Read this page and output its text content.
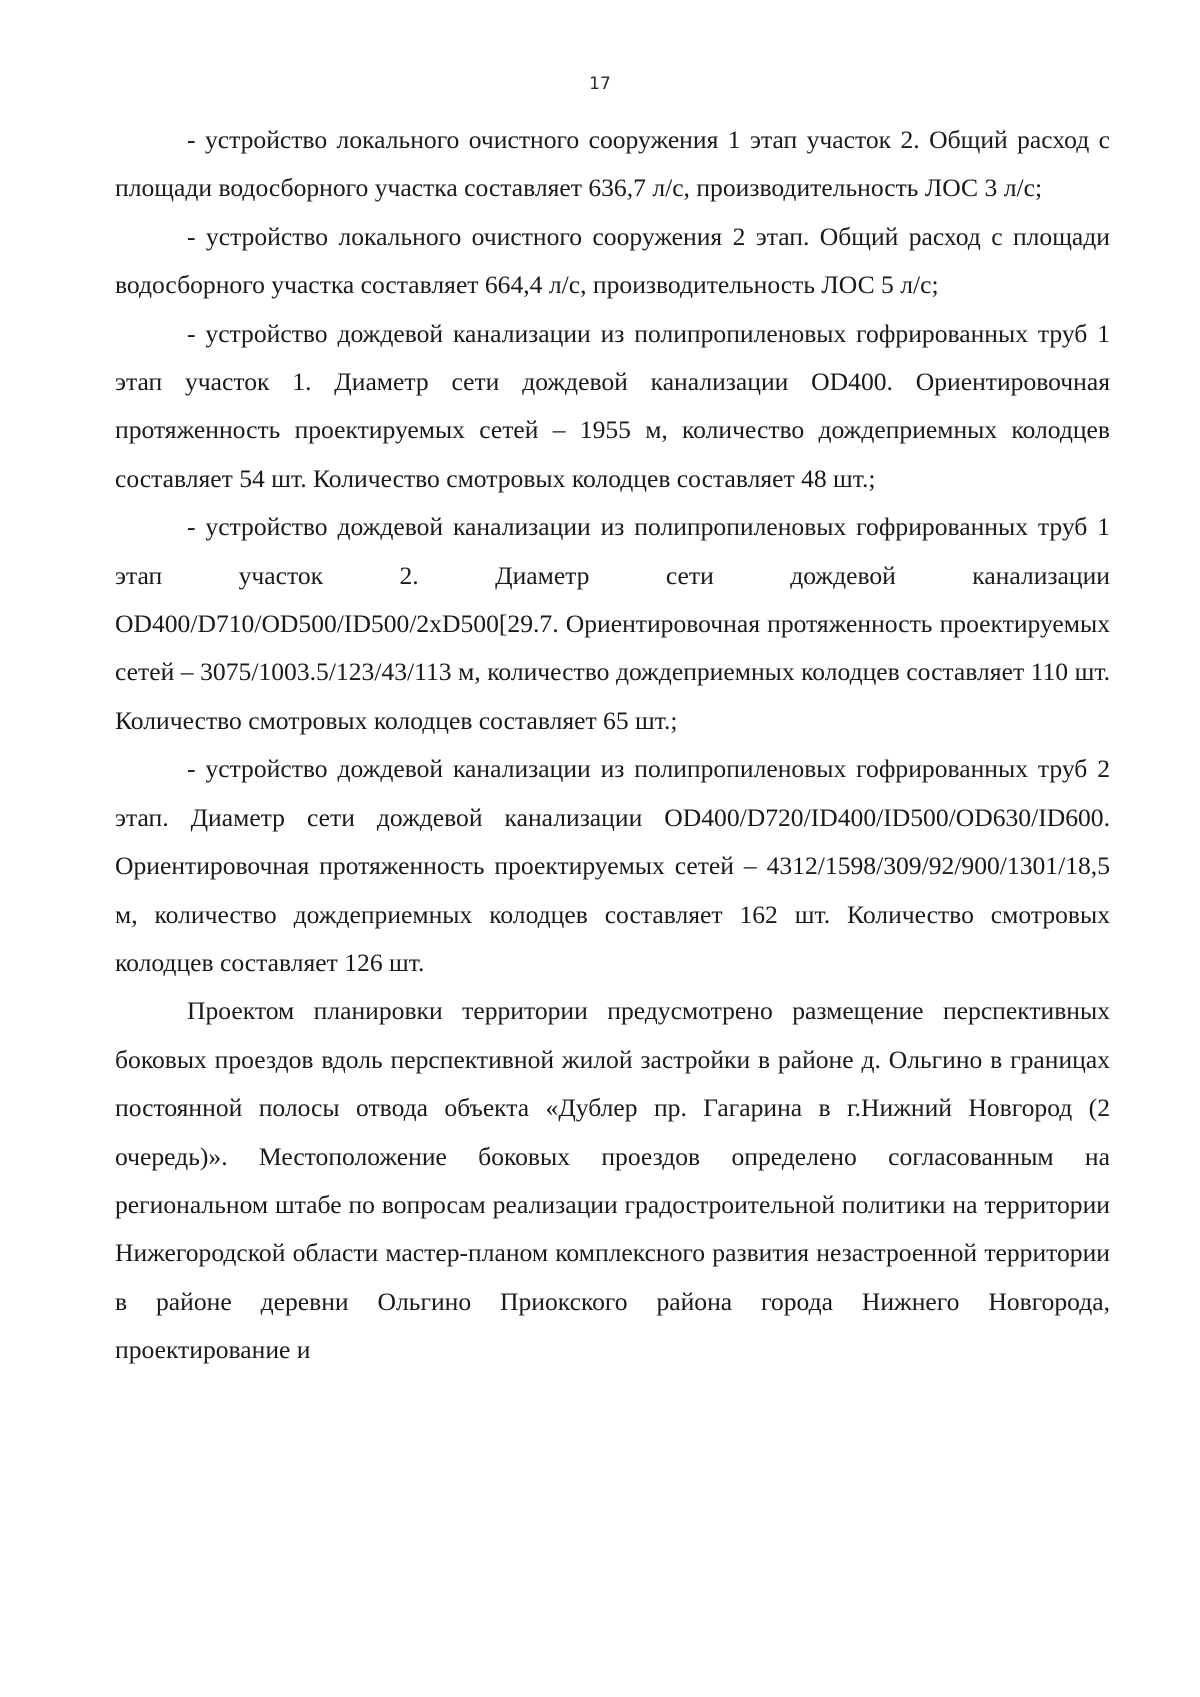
17

- устройство локального очистного сооружения 1 этап участок 2. Общий расход с площади водосборного участка составляет 636,7 л/с, производительность ЛОС 3 л/с;

- устройство локального очистного сооружения 2 этап. Общий расход с площади водосборного участка составляет 664,4 л/с, производительность ЛОС 5 л/с;

- устройство дождевой канализации из полипропиленовых гофрированных труб 1 этап участок 1. Диаметр сети дождевой канализации OD400. Ориентировочная протяженность проектируемых сетей – 1955 м, количество дождеприемных колодцев составляет 54 шт. Количество смотровых колодцев составляет 48 шт.;

- устройство дождевой канализации из полипропиленовых гофрированных труб 1 этап участок 2. Диаметр сети дождевой канализации OD400/D710/OD500/ID500/2xD500[29.7. Ориентировочная протяженность проектируемых сетей – 3075/1003.5/123/43/113 м, количество дождеприемных колодцев составляет 110 шт. Количество смотровых колодцев составляет 65 шт.;

- устройство дождевой канализации из полипропиленовых гофрированных труб 2 этап. Диаметр сети дождевой канализации OD400/D720/ID400/ID500/OD630/ID600. Ориентировочная протяженность проектируемых сетей – 4312/1598/309/92/900/1301/18,5 м, количество дождеприемных колодцев составляет 162 шт. Количество смотровых колодцев составляет 126 шт.

Проектом планировки территории предусмотрено размещение перспективных боковых проездов вдоль перспективной жилой застройки в районе д. Ольгино в границах постоянной полосы отвода объекта «Дублер пр. Гагарина в г.Нижний Новгород (2 очередь)». Местоположение боковых проездов определено согласованным на региональном штабе по вопросам реализации градостроительной политики на территории Нижегородской области мастер-планом комплексного развития незастроенной территории в районе деревни Ольгино Приокского района города Нижнего Новгорода, проектирование и
